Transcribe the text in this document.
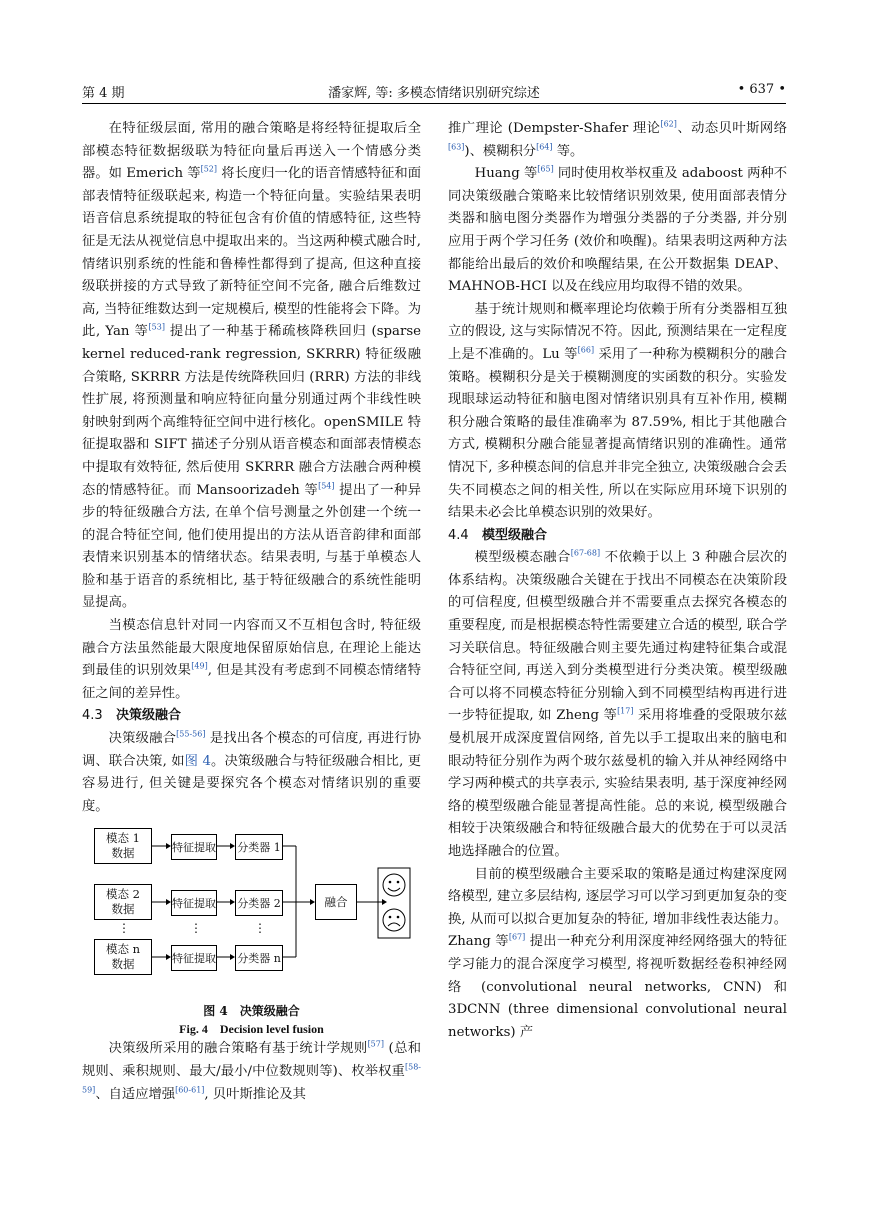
第 4 期	潘家辉, 等: 多模态情绪识别研究综述	• 637 •

在特征级层面, 常用的融合策略是将经特征提取后全部模态特征数据级联为特征向量后再送入一个情感分类器。如 Emerich 等[52] 将长度归一化的语音情感特征和面部表情特征级联起来, 构造一个特征向量。实验结果表明语音信息系统提取的特征包含有价值的情感特征, 这些特征是无法从视觉信息中提取出来的。当这两种模式融合时, 情绪识别系统的性能和鲁棒性都得到了提高, 但这种直接级联拼接的方式导致了新特征空间不完备, 融合后维数过高, 当特征维数达到一定规模后, 模型的性能将会下降。为此, Yan 等[53] 提出了一种基于稀疏核降秩回归 (sparse kernel reduced-rank regression, SKRRR) 特征级融合策略, SKRRR 方法是传统降秩回归 (RRR) 方法的非线性扩展, 将预测量和响应特征向量分别通过两个非线性映射映射到两个高维特征空间中进行核化。openSMILE 特征提取器和 SIFT 描述子分别从语音模态和面部表情模态中提取有效特征, 然后使用 SKRRR 融合方法融合两种模态的情感特征。而 Mansoorizadeh 等[54] 提出了一种异步的特征级融合方法, 在单个信号测量之外创建一个统一的混合特征空间, 他们使用提出的方法从语音韵律和面部表情来识别基本的情绪状态。结果表明, 与基于单模态人脸和基于语音的系统相比, 基于特征级融合的系统性能明显提高。

当模态信息针对同一内容而又不互相包含时, 特征级融合方法虽然能最大限度地保留原始信息, 在理论上能达到最佳的识别效果[49], 但是其没有考虑到不同模态情绪特征之间的差异性。

4.3 决策级融合

决策级融合[55-56] 是找出各个模态的可信度, 再进行协调、联合决策, 如图 4。决策级融合与特征级融合相比, 更容易进行, 但关键是要探究各个模态对情绪识别的重要度。

模态 1
数据
模态 2
数据
模态 n
数据
特征提取
特征提取
特征提取
分类器 1
分类器 2
分类器 n
融合
⋮	⋮	⋮

图 4　决策级融合

Fig. 4　Decision level fusion

决策级所采用的融合策略有基于统计学规则[57] (总和规则、乘积规则、最大/最小/中位数规则等)、枚举权重[58-59]、自适应增强[60-61], 贝叶斯推论及其

推广理论 (Dempster-Shafer 理论[62]、动态贝叶斯网络[63])、模糊积分[64] 等。

Huang 等[65] 同时使用枚举权重及 adaboost 两种不同决策级融合策略来比较情绪识别效果, 使用面部表情分类器和脑电图分类器作为增强分类器的子分类器, 并分别应用于两个学习任务 (效价和唤醒)。结果表明这两种方法都能给出最后的效价和唤醒结果, 在公开数据集 DEAP、MAHNOB-HCI 以及在线应用均取得不错的效果。

基于统计规则和概率理论均依赖于所有分类器相互独立的假设, 这与实际情况不符。因此, 预测结果在一定程度上是不准确的。Lu 等[66] 采用了一种称为模糊积分的融合策略。模糊积分是关于模糊测度的实函数的积分。实验发现眼球运动特征和脑电图对情绪识别具有互补作用, 模糊积分融合策略的最佳准确率为 87.59%, 相比于其他融合方式, 模糊积分融合能显著提高情绪识别的准确性。通常情况下, 多种模态间的信息并非完全独立, 决策级融合会丢失不同模态之间的相关性, 所以在实际应用环境下识别的结果未必会比单模态识别的效果好。

4.4 模型级融合

模型级模态融合[67-68] 不依赖于以上 3 种融合层次的体系结构。决策级融合关键在于找出不同模态在决策阶段的可信程度, 但模型级融合并不需要重点去探究各模态的重要程度, 而是根据模态特性需要建立合适的模型, 联合学习关联信息。特征级融合则主要先通过构建特征集合或混合特征空间, 再送入到分类模型进行分类决策。模型级融合可以将不同模态特征分别输入到不同模型结构再进行进一步特征提取, 如 Zheng 等[17] 采用将堆叠的受限玻尔兹曼机展开成深度置信网络, 首先以手工提取出来的脑电和眼动特征分别作为两个玻尔兹曼机的输入并从神经网络中学习两种模式的共享表示, 实验结果表明, 基于深度神经网络的模型级融合能显著提高性能。总的来说, 模型级融合相较于决策级融合和特征级融合最大的优势在于可以灵活地选择融合的位置。

目前的模型级融合主要采取的策略是通过构建深度网络模型, 建立多层结构, 逐层学习可以学习到更加复杂的变换, 从而可以拟合更加复杂的特征, 增加非线性表达能力。Zhang 等[67] 提出一种充分利用深度神经网络强大的特征学习能力的混合深度学习模型, 将视听数据经卷积神经网络 (convolutional neural networks, CNN) 和 3DCNN (three dimensional convolutional neural networks) 产
